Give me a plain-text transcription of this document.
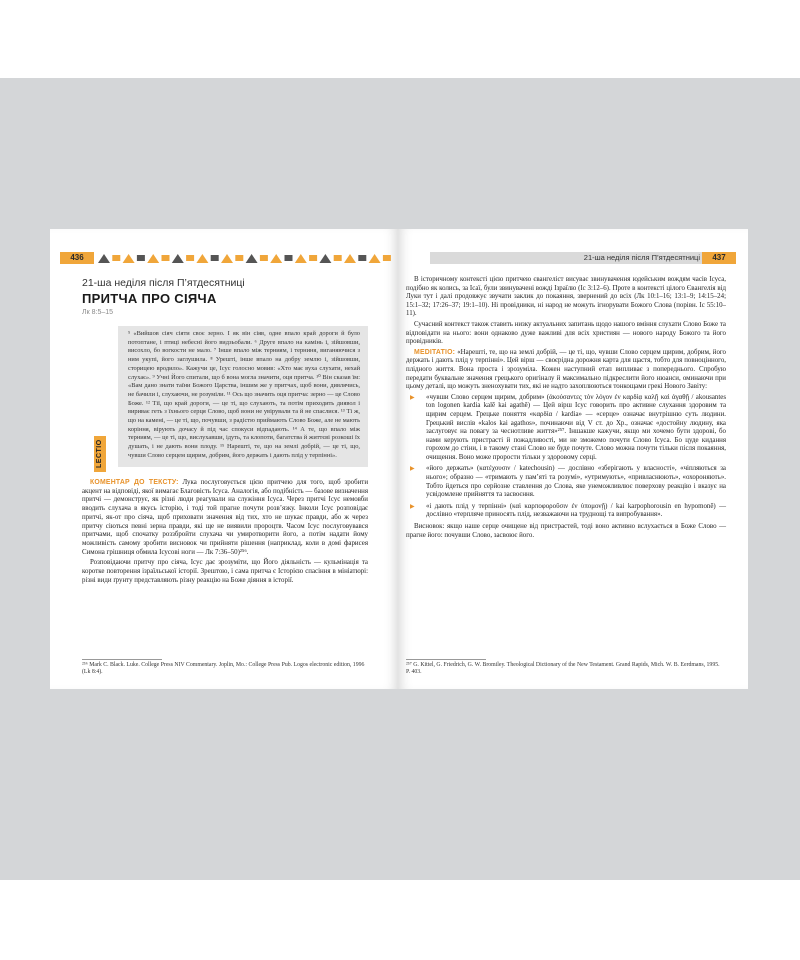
436
21-ша неділя після П’ятдесятниці
ПРИТЧА ПРО СІЯЧА
Лк 8:5–15
⁵ «Вийшов сіяч сіяти своє зерно. І як він сіяв, одне впало край дороги й було потоптане, і птиці небесні його видзьобали. ⁶ Друге впало на камінь і, зійшовши, висохло, бо вогкости не мало. ⁷ Інше впало між терниям, і терниня, виганяючися з ним укупі, його заглушила. ⁸ Урешті, інше впало на добру землю і, зійшовши, сторицею вродило». Кажучи це, Ісус голосно мовив: «Хто має вуха слухати, нехай слухає». ⁹ Учні Його спитали, що б вона могла значити, оця притча. ¹⁰ Він сказав їм: «Вам дано знати таїни Божого Царства, іншим же у притчах, щоб вони, дивлячись, не бачили і, слухаючи, не розуміли. ¹¹ Ось що значить оця притча: зерно — це Слово Боже. ¹² Тії, що край дороги, — це ті, що слухають, та потім приходить диявол і вириває геть з їхнього серця Слово, щоб вони не увірували та й не спаслися. ¹³ Ті ж, що на камені, — це ті, що, почувши, з радістю приймають Слово Боже, але не мають коріння, вірують дочасу й під час спокуси відпадають. ¹⁴ А те, що впало між терниям, — це ті, що, вислухавши, ідуть, та клопоти, багатства й життєві розкоші їх душать, і не дають вони плоду. ¹⁵ Нарешті, те, що на землі добрій, — це ті, що, чувши Слово серцем щирим, добрим, його держать і дають плід у терпінні».
LECTIO

КОМЕНТАР ДО ТЕКСТУ: Лука послуговується цією притчею для того, щоб зробити акцент на відповіді, якої вимагає Благовість Ісуса. Аналогія, або подібність — базове визначення притчі — демонструє, як різні люди реагували на служіння Ісуса. Через притчі Ісус немовби вводить слухача в якусь історію, і тоді той прагне почути розв’язку. Інколи Ісус розповідає притчі, як-от про сіяча, щоб приховати значення від тих, хто не шукає правди, або ж через притчу сіються певні зерна правди, які ще не виявили пророцтв. Часом Ісус послуговувався притчами, щоб спочатку роззбройти слухача чи умиротворити його, а потім надати йому можливість самому зробити висновок чи прийняти рішення (наприклад, коли в домі фарисея Симона грішниця обмила Ісусові ноги — Лк 7:36–50)²⁵⁶.

Розповідаючи притчу про сіяча, Ісус дає зрозуміти, що Його діяльність — кульмінація та коротке повторення ізраїльської історії. Зрештою, і сама притча є Історією спасіння в мініатюрі: різні види ґрунту представляють різну реакцію на Боже діяння в історії.

²⁵⁶ Mark C. Black. Luke. College Press NIV Commentary. Joplin, Mo.: College Press Pub. Logos electronic edition, 1996 (Lk 8:4).
21-ша неділя після П’ятдесятниці	437

В історичному контексті цією притчею євангеліст висуває звинувачення юдейським вождям часів Ісуса, подібно як колись, за Ісаї, були звинувачені вожді Ізраїлю (Іс 3:12–6). Проте в контексті цілого Євангелія від Луки тут і далі продовжує звучати заклик до покаяння, звернений до всіх (Лк 10:1–16; 13:1–9; 14:15–24; 15:1–32; 17:26–37; 19:1–10). Ні провідники, ні народ не можуть ігнорувати Божого Слова (порівн. Іс 55:10–11).

Сучасний контекст також ставить низку актуальних запитань щодо нашого вміння слухати Слово Боже та відповідати на нього: вони однаково дуже важливі для всіх християн — нового народу Божого та його провідників.

MEDITATIO: «Нарешті, те, що на землі добрій, — це ті, що, чувши Слово серцем щирим, добрим, його держать і дають плід у терпінні». Цей вірш — своєрідна дорожня карта для щастя, тобто для повноцінного, плідного життя. Вона проста і зрозуміла. Кожен наступний етап випливає з попереднього. Спробую передати буквальне значення грецького оригіналу й максимально підкреслити його нюанси, оминаючи при цьому деталі, що можуть зненохувати тих, які не надто захоплюються тонкощами грекі Нового Завіту:

▶ «чувши Слово серцем щирим, добрим» (ἀκούσαντες τὸν λόγον ἐν καρδίᾳ καλῇ καὶ ἀγαθῇ / akousantes ton logonen kardia kalē kai agathē) — Цей вірш Ісус говорить про активне слухання здоровим та щирим серцем. Грецьке поняття «καρδία / kardia» — «серце» означає внутрішню суть людини. Грецький вислів «kalos kai agathos», починаючи від V ст. до Хр., означає «достойну людину, яка заслуговує на повагу за чеснотливе життя»²⁵⁷. Іншакше кажучи, якщо ми хочемо бути здорові, бо нами керують пристрасті й пожадливості, ми не зможемо почути Слово Ісуса. Бо цуде кидання горохом до стіни, і в такому стані Слово не буде почуте. Слово можна почути тільки після покаяння, очищення. Воно може прорости тільки у здоровому серці.
▶ «його держать» (κατέχουσιν / katechousin) — дослівно «зберігають у власності», «чіпляються за нього»; образно — «тримають у пам’яті та розумі», «утримують», «привласнюють», «охороняють». Тобто йдеться про серйозне ставлення до Слова, яке унеможливлює поверхову реакцію і вказує на усвідомлене прийняття та засвоєння.
▶ «і дають плід у терпінні» (καὶ καρποφοροῦσιν ἐν ὑπομονῇ) / kai karpophorousin en hypomonē) — дослівно «терпляче приносять плід, незважаючи на труднощі та випробування».

Висновок: якщо наше серце очищене від пристрастей, тоді воно активно вслухається в Боже Слово — прагне його: почувши Слово, засвоює його.

²⁵⁷ G. Kittel, G. Friedrich, G. W. Bromiley. Theological Dictionary of the New Testament. Grand Rapids, Mich. W. B. Eerdmans, 1995. P. 403.
